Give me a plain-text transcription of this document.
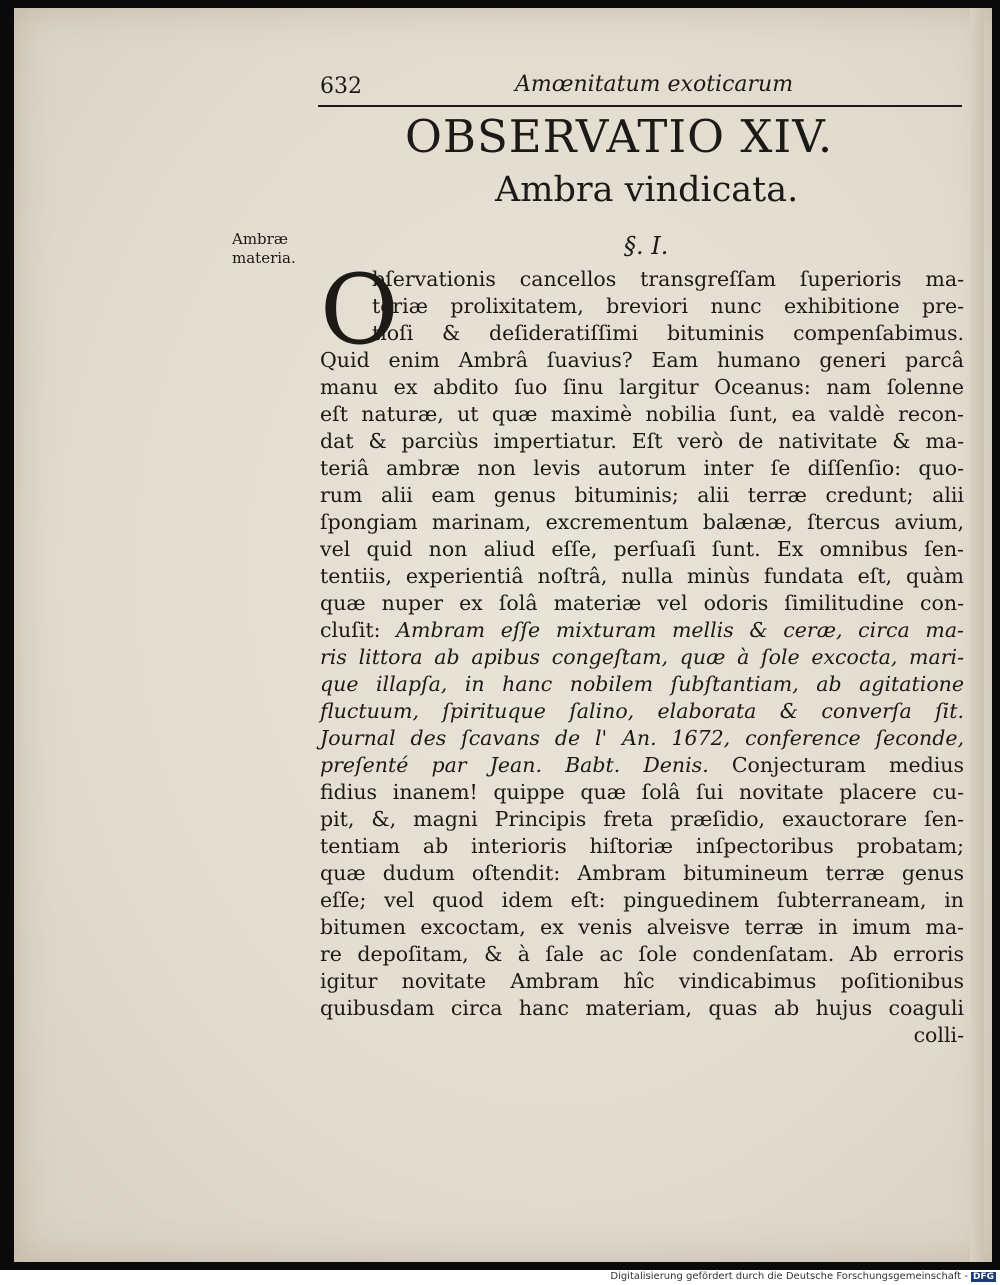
632	Amœnitatum exoticarum
OBSERVATIO XIV.
Ambra vindicata.
Ambræ
materia.	§. I.
O
bſervationis cancellos transgreſſam ſuperioris ma-
teriæ prolixitatem, breviori nunc exhibitione pre-
tioſi & deſideratiſſimi bituminis compenſabimus.
Quid enim Ambrâ ſuavius? Eam humano generi parcâ
manu ex abdito ſuo ſinu largitur Oceanus: nam ſolenne
eſt naturæ, ut quæ maximè nobilia ſunt, ea valdè recon-
dat & parciùs impertiatur. Eſt verò de nativitate & ma-
teriâ ambræ non levis autorum inter ſe diſſenſio: quo-
rum alii eam genus bituminis; alii terræ credunt; alii
ſpongiam marinam, excrementum balænæ, ſtercus avium,
vel quid non aliud eſſe, perſuaſi ſunt. Ex omnibus ſen-
tentiis, experientiâ noſtrâ, nulla minùs fundata eſt, quàm
quæ nuper ex ſolâ materiæ vel odoris ſimilitudine con-
cluſit: Ambram eſſe mixturam mellis & ceræ, circa ma-
ris littora ab apibus congeſtam, quæ à ſole excocta, mari-
que illapſa, in hanc nobilem ſubſtantiam, ab agitatione
fluctuum, ſpirituque ſalino, elaborata & converſa ſit.
Journal des ſcavans de l' An. 1672, conference ſeconde,
preſenté par Jean. Babt. Denis. Conjecturam medius
fidius inanem! quippe quæ ſolâ ſui novitate placere cu-
pit, &, magni Principis freta præſidio, exauctorare ſen-
tentiam ab interioris hiſtoriæ inſpectoribus probatam;
quæ dudum oſtendit: Ambram bitumineum terræ genus
eſſe; vel quod idem eſt: pinguedinem ſubterraneam, in
bitumen excoctam, ex venis alveisve terræ in imum ma-
re depoſitam, & à ſale ac ſole condenſatam. Ab erroris
igitur novitate Ambram hîc vindicabimus poſitionibus
quibusdam circa hanc materiam, quas ab hujus coaguli
colli-
Digitalisierung gefördert durch die Deutsche Forschungsgemeinschaft - DFG
